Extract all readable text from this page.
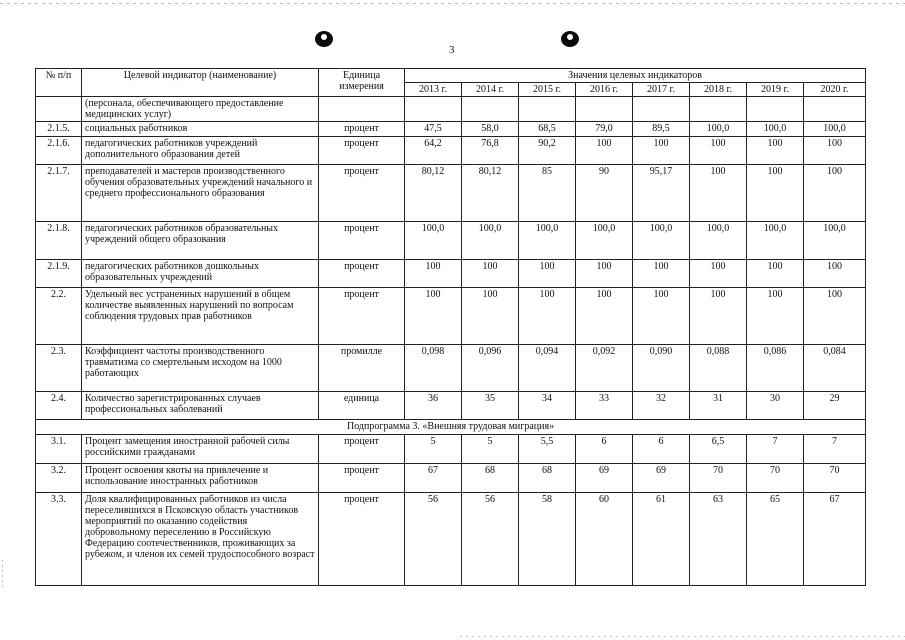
3
№ п/п	Целевой индикатор (наименование)	Единица измерения	Значения целевых индикаторов							
			2013 г.	2014 г.	2015 г.	2016 г.	2017 г.	2018 г.	2019 г.	2020 г.
	(персонала, обеспечивающего предоставление медицинских услуг)									
2.1.5.	социальных работников	процент	47,5	58,0	68,5	79,0	89,5	100,0	100,0	100,0
2.1.6.	педагогических работников учреждений дополнительного образования детей	процент	64,2	76,8	90,2	100	100	100	100	100
2.1.7.	преподавателей и мастеров производственного обучения образовательных учреждений начального и среднего профессионального образования	процент	80,12	80,12	85	90	95,17	100	100	100
2.1.8.	педагогических работников образовательных учреждений общего образования	процент	100,0	100,0	100,0	100,0	100,0	100,0	100,0	100,0
2.1.9.	педагогических работников дошкольных образовательных учреждений	процент	100	100	100	100	100	100	100	100
2.2.	Удельный вес устраненных нарушений в общем количестве выявленных нарушений по вопросам соблюдения трудовых прав работников	процент	100	100	100	100	100	100	100	100
2.3.	Коэффициент частоты производственного травматизма со смертельным исходом на 1000 работающих	промилле	0,098	0,096	0,094	0,092	0,090	0,088	0,086	0,084
2.4.	Количество зарегистрированных случаев профессиональных заболеваний	единица	36	35	34	33	32	31	30	29
Подпрограмма 3. «Внешняя трудовая миграция»										
3.1.	Процент замещения иностранной рабочей силы российскими гражданами	процент	5	5	5,5	6	6	6,5	7	7
3.2.	Процент освоения квоты на привлечение и использование иностранных работников	процент	67	68	68	69	69	70	70	70
3.3.	Доля квалифицированных работников из числа переселившихся в Псковскую область участников мероприятий по оказанию содействия добровольному переселению в Российскую Федерацию соотечественников, проживающих за рубежом, и членов их семей трудоспособного возраст	процент	56	56	58	60	61	63	65	67
